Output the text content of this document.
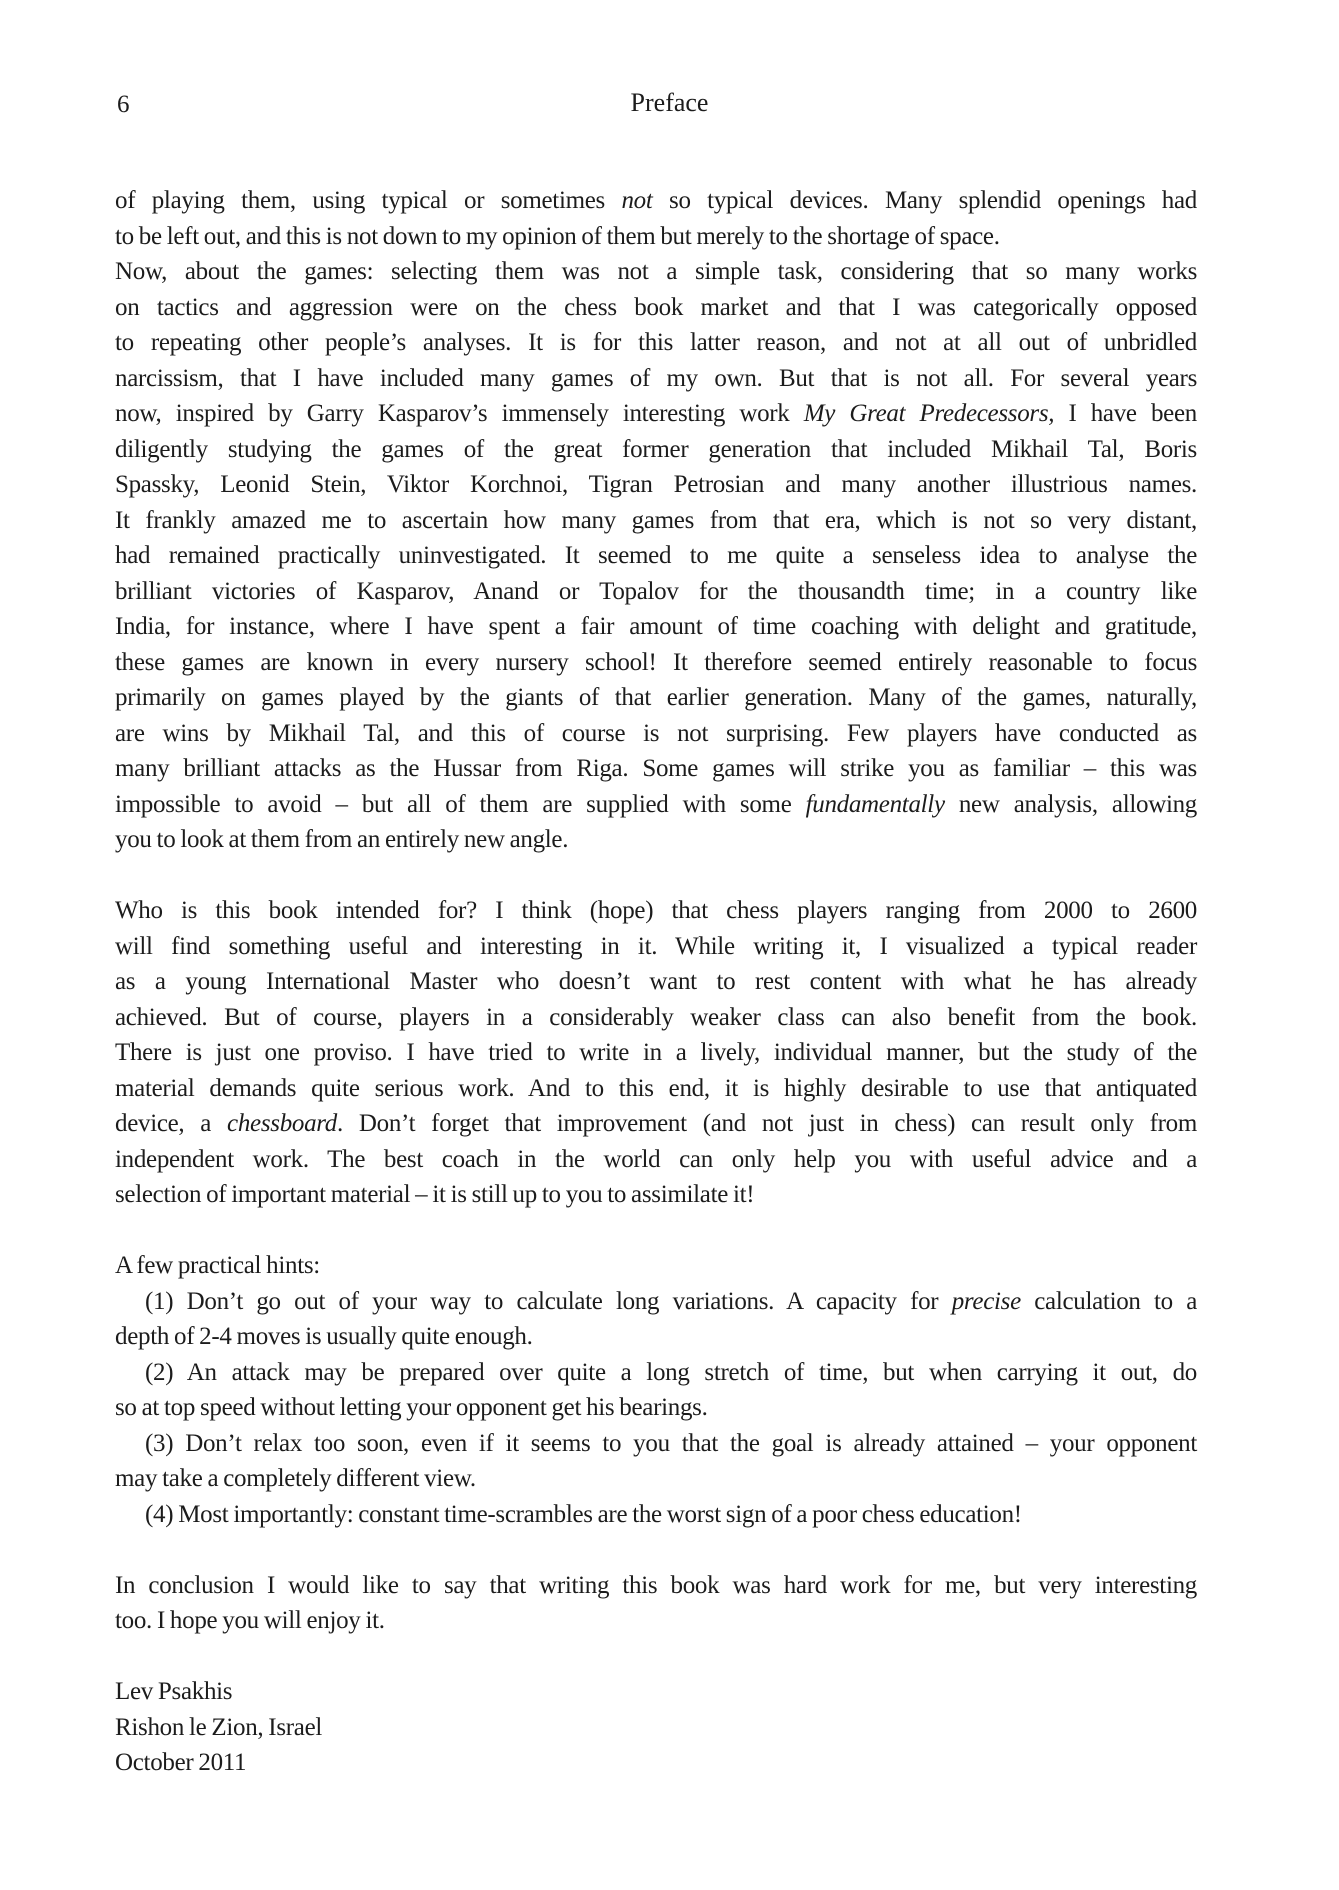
6	Preface
of playing them, using typical or sometimes not so typical devices. Many splendid openings had
to be left out, and this is not down to my opinion of them but merely to the shortage of space.
Now, about the games: selecting them was not a simple task, considering that so many works
on tactics and aggression were on the chess book market and that I was categorically opposed
to repeating other people’s analyses. It is for this latter reason, and not at all out of unbridled
narcissism, that I have included many games of my own. But that is not all. For several years
now, inspired by Garry Kasparov’s immensely interesting work My Great Predecessors, I have been
diligently studying the games of the great former generation that included Mikhail Tal, Boris
Spassky, Leonid Stein, Viktor Korchnoi, Tigran Petrosian and many another illustrious names.
It frankly amazed me to ascertain how many games from that era, which is not so very distant,
had remained practically uninvestigated. It seemed to me quite a senseless idea to analyse the
brilliant victories of Kasparov, Anand or Topalov for the thousandth time; in a country like
India, for instance, where I have spent a fair amount of time coaching with delight and gratitude,
these games are known in every nursery school! It therefore seemed entirely reasonable to focus
primarily on games played by the giants of that earlier generation. Many of the games, naturally,
are wins by Mikhail Tal, and this of course is not surprising. Few players have conducted as
many brilliant attacks as the Hussar from Riga. Some games will strike you as familiar – this was
impossible to avoid – but all of them are supplied with some fundamentally new analysis, allowing
you to look at them from an entirely new angle.
Who is this book intended for? I think (hope) that chess players ranging from 2000 to 2600
will find something useful and interesting in it. While writing it, I visualized a typical reader
as a young International Master who doesn’t want to rest content with what he has already
achieved. But of course, players in a considerably weaker class can also benefit from the book.
There is just one proviso. I have tried to write in a lively, individual manner, but the study of the
material demands quite serious work. And to this end, it is highly desirable to use that antiquated
device, a chessboard. Don’t forget that improvement (and not just in chess) can result only from
independent work. The best coach in the world can only help you with useful advice and a
selection of important material – it is still up to you to assimilate it!
A few practical hints:
(1) Don’t go out of your way to calculate long variations. A capacity for precise calculation to a
depth of 2-4 moves is usually quite enough.
(2) An attack may be prepared over quite a long stretch of time, but when carrying it out, do
so at top speed without letting your opponent get his bearings.
(3) Don’t relax too soon, even if it seems to you that the goal is already attained – your opponent
may take a completely different view.
(4) Most importantly: constant time-scrambles are the worst sign of a poor chess education!
In conclusion I would like to say that writing this book was hard work for me, but very interesting
too. I hope you will enjoy it.
Lev Psakhis
Rishon le Zion, Israel
October 2011
